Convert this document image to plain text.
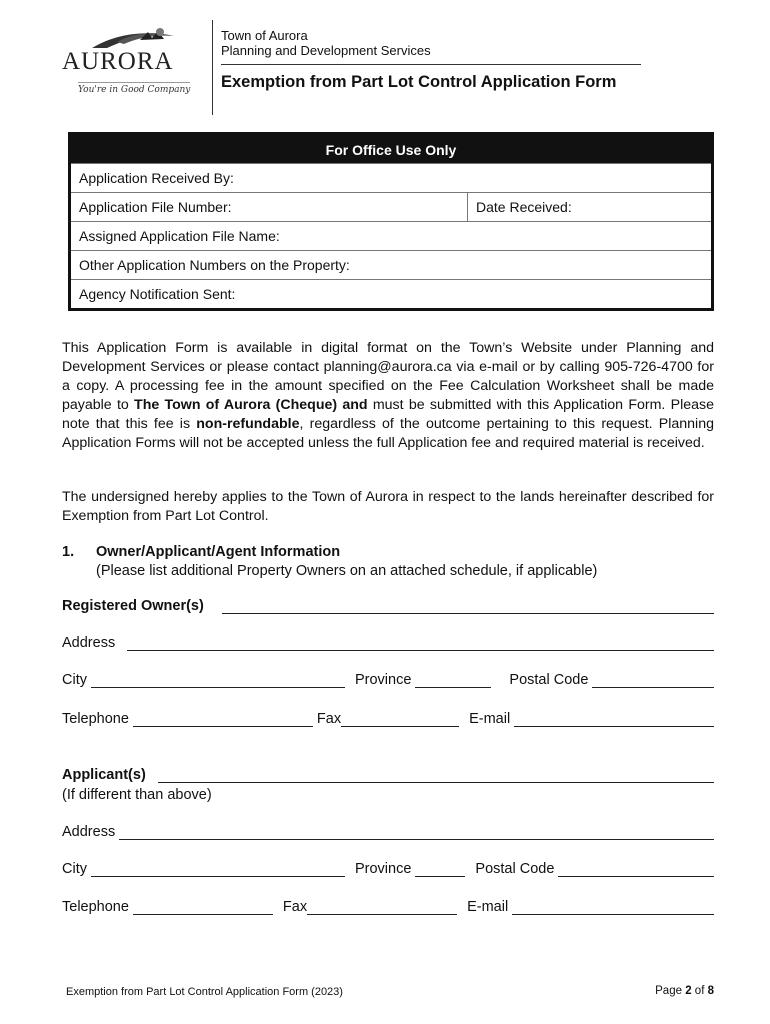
AURORA
You're in Good Company
Town of Aurora
Planning and Development Services
Exemption from Part Lot Control Application Form
For Office Use Only
Application Received By:
Application File Number:	Date Received:
Assigned Application File Name:
Other Application Numbers on the Property:
Agency Notification Sent:
This Application Form is available in digital format on the Town’s Website under Planning and Development Services or please contact planning@aurora.ca via e-mail or by calling 905-726-4700 for a copy. A processing fee in the amount specified on the Fee Calculation Worksheet shall be made payable to The Town of Aurora (Cheque) and must be submitted with this Application Form. Please note that this fee is non-refundable, regardless of the outcome pertaining to this request. Planning Application Forms will not be accepted unless the full Application fee and required material is received.
The undersigned hereby applies to the Town of Aurora in respect to the lands hereinafter described for Exemption from Part Lot Control.
1. Owner/Applicant/Agent Information
(Please list additional Property Owners on an attached schedule, if applicable)
Registered Owner(s)
Address
City	Province	Postal Code
Telephone	Fax	E-mail
Applicant(s)
(If different than above)
Address
City	Province	Postal Code
Telephone	Fax	E-mail
Exemption from Part Lot Control Application Form (2023)	Page 2 of 8
